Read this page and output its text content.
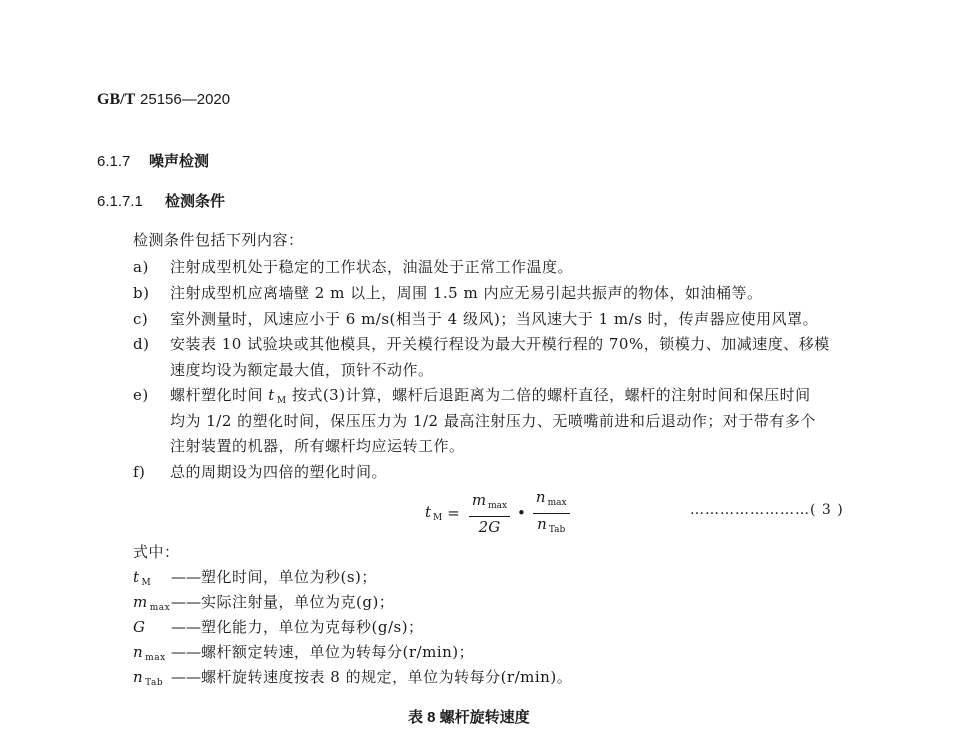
GB/T 25156—2020
6.1.7 噪声检测
6.1.7.1 检测条件
检测条件包括下列内容：
a) 注射成型机处于稳定的工作状态，油温处于正常工作温度。
b) 注射成型机应离墙壁 2 m 以上，周围 1.5 m 内应无易引起共振声的物体，如油桶等。
c) 室外测量时，风速应小于 6 m/s(相当于 4 级风)；当风速大于 1 m/s 时，传声器应使用风罩。
d) 安装表 10 试验块或其他模具，开关模行程设为最大开模行程的 70%，锁模力、加减速度、移模
速度均设为额定最大值，顶针不动作。
e) 螺杆塑化时间 t $_M$ 按式(3)计算，螺杆后退距离为二倍的螺杆直径，螺杆的注射时间和保压时间
均为 1/2 的塑化时间，保压压力为 1/2 最高注射压力、无喷嘴前进和后退动作；对于带有多个
注射装置的机器，所有螺杆均应运转工作。
f) 总的周期设为四倍的塑化时间。
t $_M = \frac{m _{max}}{2G}$ • $\frac{n _{max}}{n _{Tab}}$	……………………( 3 )
式中：
t $_M$ ——塑化时间，单位为秒(s)；
m $_{max}$——实际注射量，单位为克(g)；
G ——塑化能力，单位为克每秒(g/s)；
n $_{max}$ ——螺杆额定转速，单位为转每分(r/min)；
n $_{Tab}$ ——螺杆旋转速度按表 8 的规定，单位为转每分(r/min)。
表 8 螺杆旋转速度
